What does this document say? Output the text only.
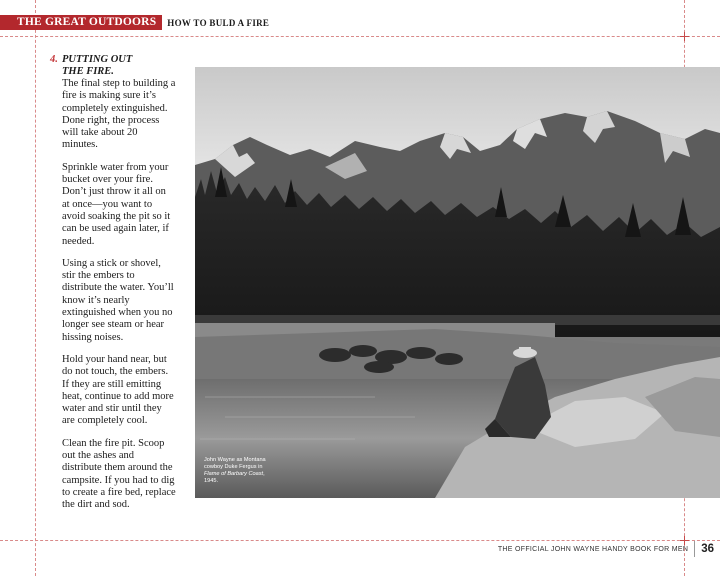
THE GREAT OUTDOORS	HOW TO BULD A FIRE
4. PUTTING OUT THE FIRE.

The final step to building a fire is making sure it’s completely extinguished. Done right, the process will take about 20 minutes.

Sprinkle water from your bucket over your fire. Don’t just throw it all on at once—you want to avoid soaking the pit so it can be used again later, if needed.

Using a stick or shovel, stir the embers to distribute the water. You’ll know it’s nearly extinguished when you no longer see steam or hear hissing noises.

Hold your hand near, but do not touch, the embers. If they are still emitting heat, continue to add more water and stir until they are completely cool.

Clean the fire pit. Scoop out the ashes and distribute them around the campsite. If you had to dig to create a fire bed, replace the dirt and sod.

John Wayne as Montana cowboy Duke Fergus in Flame of Barbary Coast, 1945.
THE OFFICIAL JOHN WAYNE HANDY BOOK FOR MEN 36
